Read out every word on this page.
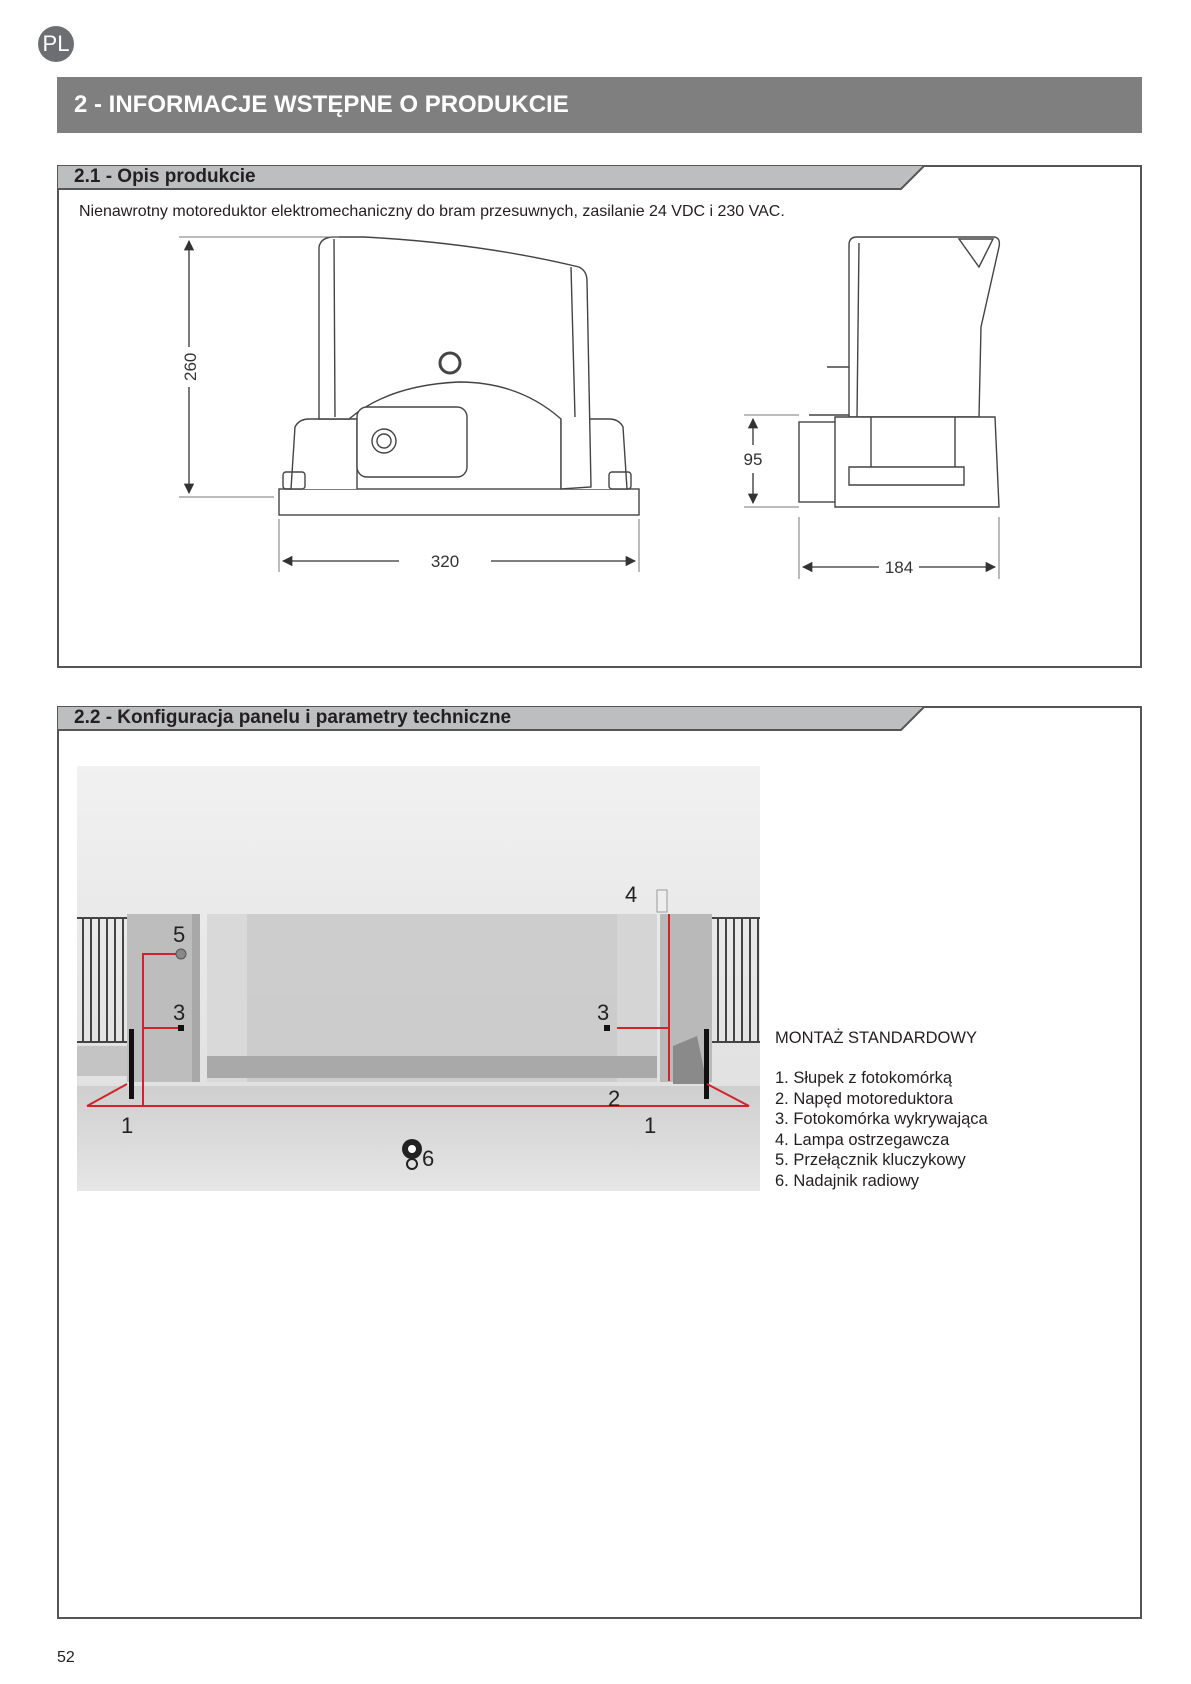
PL
2 - INFORMACJE WSTĘPNE O PRODUKCIE
2.1 - Opis produkcie
Nienawrotny motoreduktor elektromechaniczny do bram przesuwnych, zasilanie 24 VDC i 230 VAC.
260
320
95
184
2.2 - Konfiguracja panelu i parametry techniczne
1	1
2
3	3
4
5
6
MONTAŻ STANDARDOWY
1. Słupek z fotokomórką
2. Napęd motoreduktora
3. Fotokomórka wykrywająca
4. Lampa ostrzegawcza
5. Przełącznik kluczykowy
6. Nadajnik radiowy
52
